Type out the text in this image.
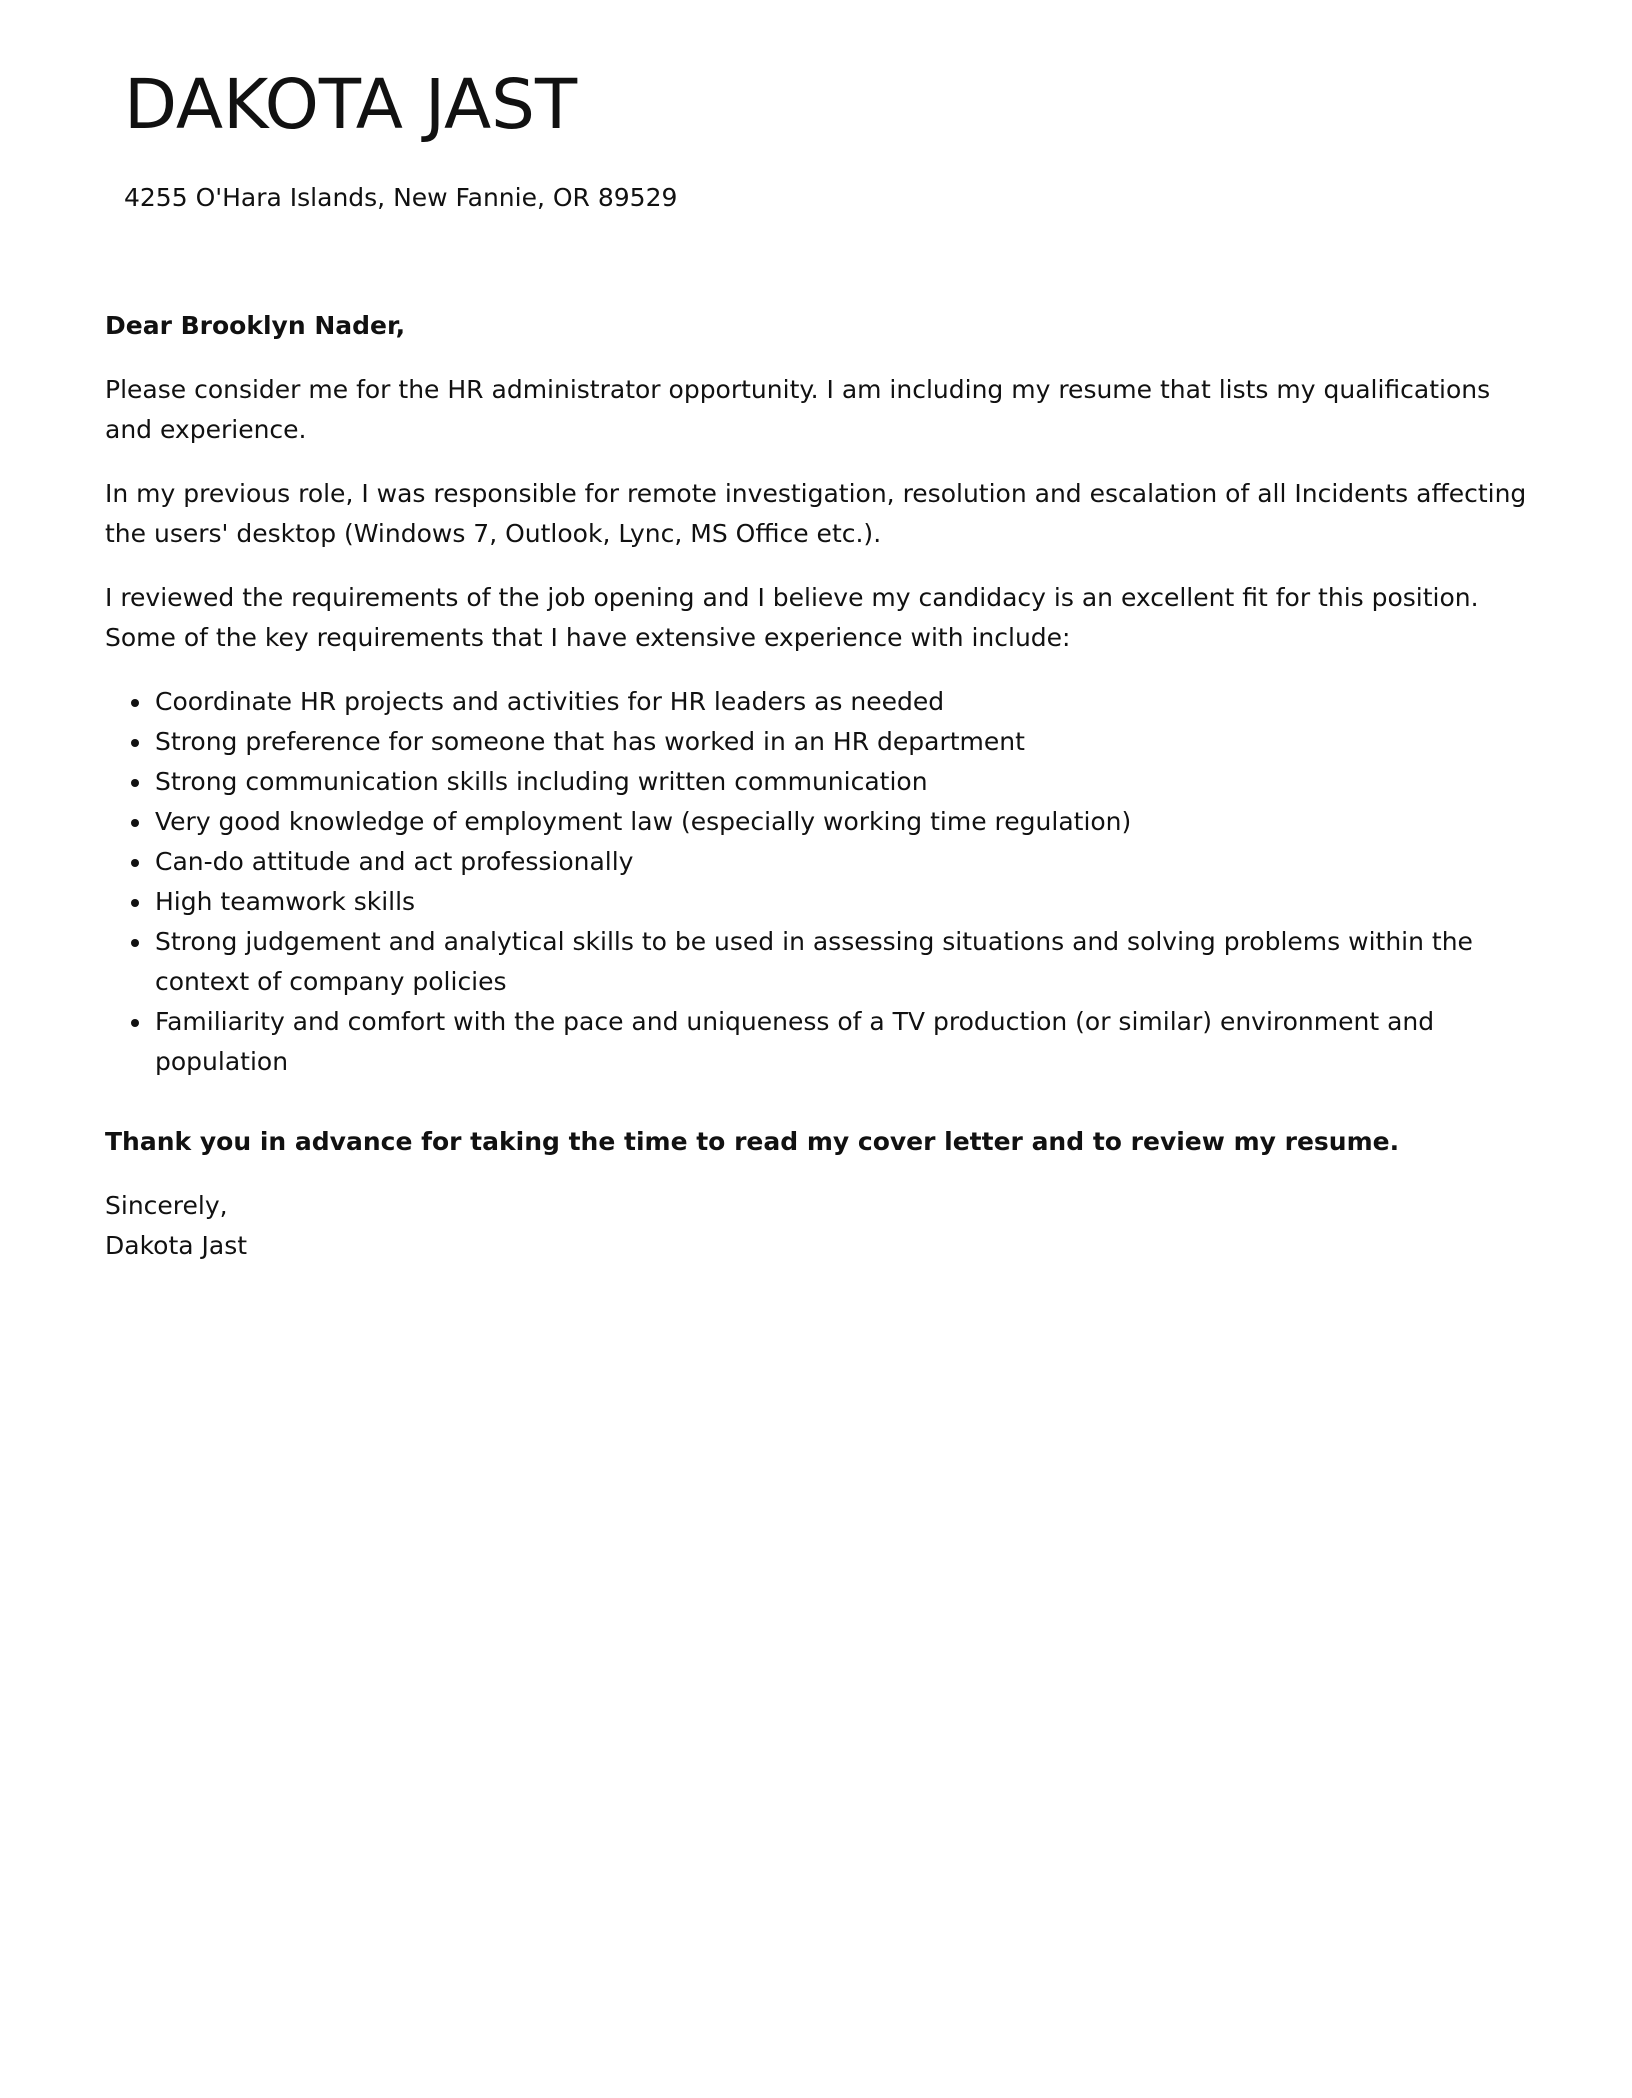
DAKOTA JAST

4255 O'Hara Islands, New Fannie, OR 89529

Dear Brooklyn Nader,

Please consider me for the HR administrator opportunity. I am including my resume that lists my qualifications and experience.

In my previous role, I was responsible for remote investigation, resolution and escalation of all Incidents affecting the users' desktop (Windows 7, Outlook, Lync, MS Office etc.).

I reviewed the requirements of the job opening and I believe my candidacy is an excellent fit for this position. Some of the key requirements that I have extensive experience with include:

• Coordinate HR projects and activities for HR leaders as needed
• Strong preference for someone that has worked in an HR department
• Strong communication skills including written communication
• Very good knowledge of employment law (especially working time regulation)
• Can-do attitude and act professionally
• High teamwork skills
• Strong judgement and analytical skills to be used in assessing situations and solving problems within the context of company policies
• Familiarity and comfort with the pace and uniqueness of a TV production (or similar) environment and population

Thank you in advance for taking the time to read my cover letter and to review my resume.

Sincerely,
Dakota Jast
